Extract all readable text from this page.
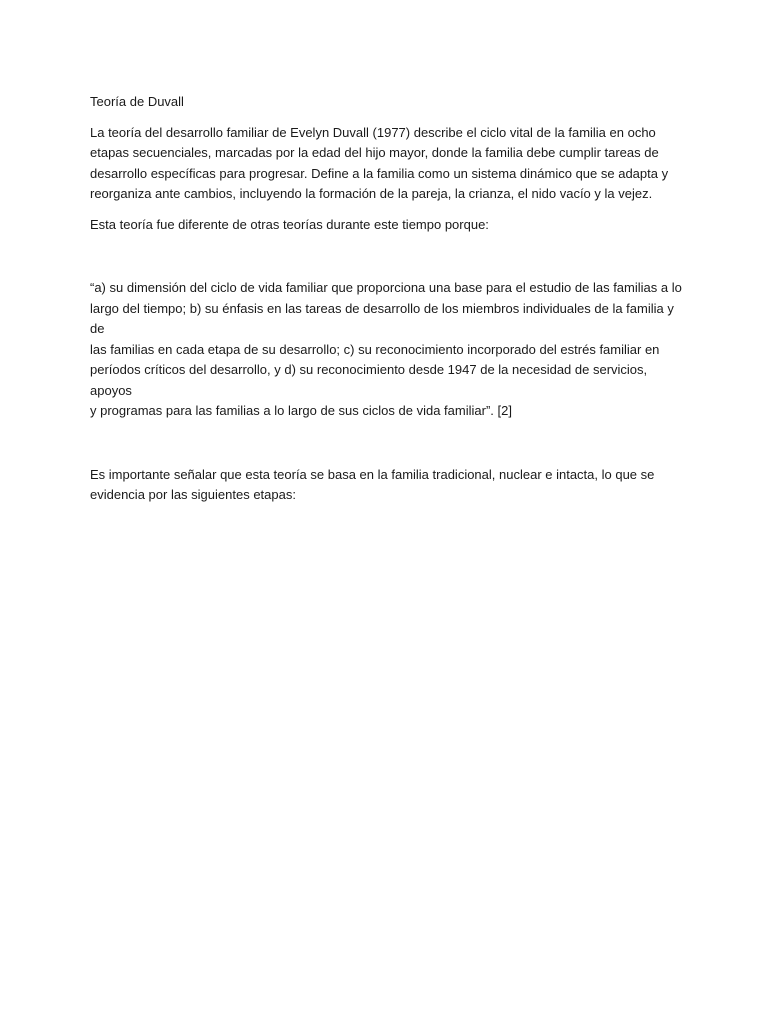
Teoría de Duvall

La teoría del desarrollo familiar de Evelyn Duvall (1977) describe el ciclo vital de la familia en ocho
etapas secuenciales, marcadas por la edad del hijo mayor, donde la familia debe cumplir tareas de
desarrollo específicas para progresar. Define a la familia como un sistema dinámico que se adapta y
reorganiza ante cambios, incluyendo la formación de la pareja, la crianza, el nido vacío y la vejez.

Esta teoría fue diferente de otras teorías durante este tiempo porque:

“a) su dimensión del ciclo de vida familiar que proporciona una base para el estudio de las familias a lo
largo del tiempo; b) su énfasis en las tareas de desarrollo de los miembros individuales de la familia y de
las familias en cada etapa de su desarrollo; c) su reconocimiento incorporado del estrés familiar en
períodos críticos del desarrollo, y d) su reconocimiento desde 1947 de la necesidad de servicios, apoyos
y programas para las familias a lo largo de sus ciclos de vida familiar”. [2]

Es importante señalar que esta teoría se basa en la familia tradicional, nuclear e intacta, lo que se
evidencia por las siguientes etapas:
